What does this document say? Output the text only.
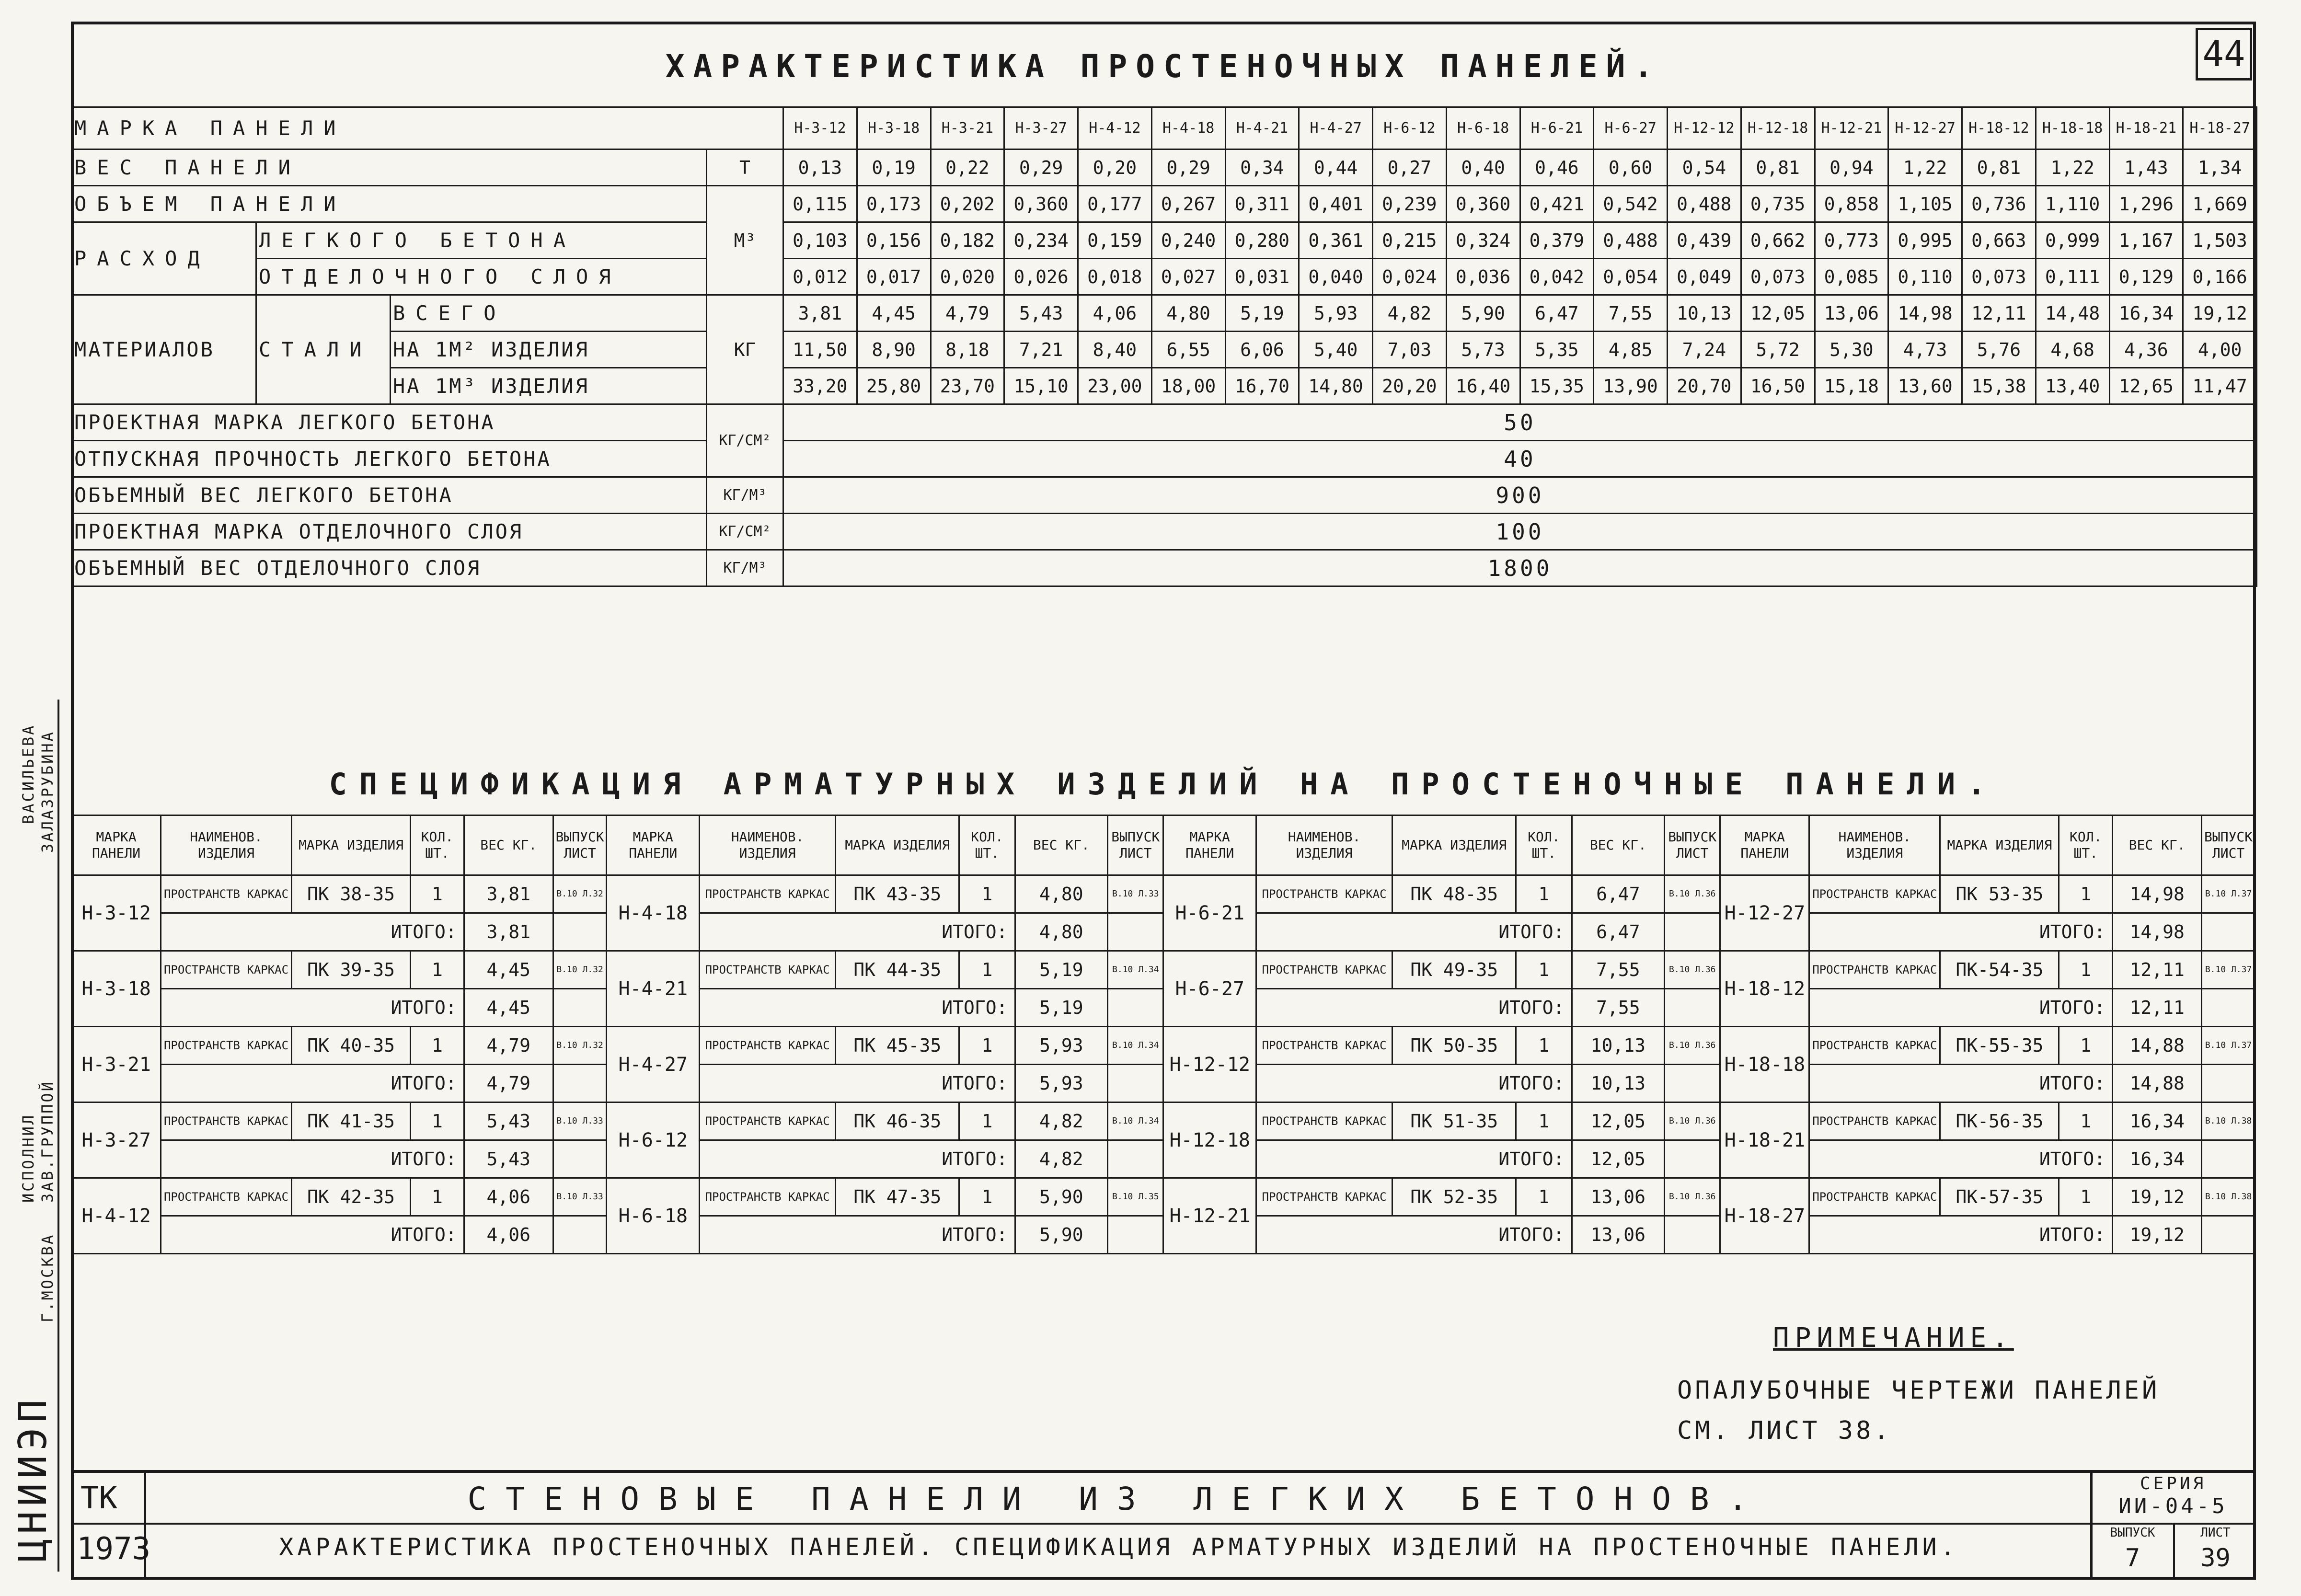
44
ХАРАКТЕРИСТИКА ПРОСТЕНОЧНЫХ ПАНЕЛЕЙ.
МАРКА ПАНЕЛИ				Н-3-12	Н-3-18	Н-3-21	Н-3-27	Н-4-12	Н-4-18	Н-4-21	Н-4-27	Н-6-12	Н-6-18	Н-6-21	Н-6-27	Н-12-12	Н-12-18	Н-12-21	Н-12-27	Н-18-12	Н-18-18	Н-18-21	Н-18-27
ВЕС ПАНЕЛИ			Т	0,13	0,19	0,22	0,29	0,20	0,29	0,34	0,44	0,27	0,40	0,46	0,60	0,54	0,81	0,94	1,22	0,81	1,22	1,43	1,34
ОБЪЕМ ПАНЕЛИ			М³	0,115	0,173	0,202	0,360	0,177	0,267	0,311	0,401	0,239	0,360	0,421	0,542	0,488	0,735	0,858	1,105	0,736	1,110	1,296	1,669
РАСХОД	ЛЕГКОГО БЕТОНА			0,103	0,156	0,182	0,234	0,159	0,240	0,280	0,361	0,215	0,324	0,379	0,488	0,439	0,662	0,773	0,995	0,663	0,999	1,167	1,503
	ОТДЕЛОЧНОГО СЛОЯ			0,012	0,017	0,020	0,026	0,018	0,027	0,031	0,040	0,024	0,036	0,042	0,054	0,049	0,073	0,085	0,110	0,073	0,111	0,129	0,166
МАТЕРИАЛОВ	СТАЛИ	ВСЕГО	КГ	3,81	4,45	4,79	5,43	4,06	4,80	5,19	5,93	4,82	5,90	6,47	7,55	10,13	12,05	13,06	14,98	12,11	14,48	16,34	19,12
		НА 1М² ИЗДЕЛИЯ		11,50	8,90	8,18	7,21	8,40	6,55	6,06	5,40	7,03	5,73	5,35	4,85	7,24	5,72	5,30	4,73	5,76	4,68	4,36	4,00
		НА 1М³ ИЗДЕЛИЯ		33,20	25,80	23,70	15,10	23,00	18,00	16,70	14,80	20,20	16,40	15,35	13,90	20,70	16,50	15,18	13,60	15,38	13,40	12,65	11,47
ПРОЕКТНАЯ МАРКА ЛЕГКОГО БЕТОНА			КГ/СМ²	50																			
ОТПУСКНАЯ ПРОЧНОСТЬ ЛЕГКОГО БЕТОНА				40																			
ОБЪЕМНЫЙ ВЕС ЛЕГКОГО БЕТОНА			КГ/М³	900																			
ПРОЕКТНАЯ МАРКА ОТДЕЛОЧНОГО СЛОЯ			КГ/СМ²	100																			
ОБЪЕМНЫЙ ВЕС ОТДЕЛОЧНОГО СЛОЯ			КГ/М³	1800																			

СПЕЦИФИКАЦИЯ АРМАТУРНЫХ ИЗДЕЛИЙ НА ПРОСТЕНОЧНЫЕ ПАНЕЛИ.
МАРКА ПАНЕЛИ	НАИМЕНОВ. ИЗДЕЛИЯ	МАРКА ИЗДЕЛИЯ	КОЛ. ШТ.	ВЕС КГ.	ВЫПУСК ЛИСТ	МАРКА ПАНЕЛИ	НАИМЕНОВ. ИЗДЕЛИЯ	МАРКА ИЗДЕЛИЯ	КОЛ. ШТ.	ВЕС КГ.	ВЫПУСК ЛИСТ	МАРКА ПАНЕЛИ	НАИМЕНОВ. ИЗДЕЛИЯ	МАРКА ИЗДЕЛИЯ	КОЛ. ШТ.	ВЕС КГ.	ВЫПУСК ЛИСТ	МАРКА ПАНЕЛИ	НАИМЕНОВ. ИЗДЕЛИЯ	МАРКА ИЗДЕЛИЯ	КОЛ. ШТ.	ВЕС КГ.	ВЫПУСК ЛИСТ
Н-3-12	ПРОСТРАНСТВ КАРКАС	ПК 38-35	1	3,81	В.10 Л.32	Н-4-18	ПРОСТРАНСТВ КАРКАС	ПК 43-35	1	4,80	В.10 Л.33	Н-6-21	ПРОСТРАНСТВ КАРКАС	ПК 48-35	1	6,47	В.10 Л.36	Н-12-27	ПРОСТРАНСТВ КАРКАС	ПК 53-35	1	14,98	В.10 Л.37
	ИТОГО:			3,81			ИТОГО:			4,80			ИТОГО:			6,47			ИТОГО:			14,98	
Н-3-18	ПРОСТРАНСТВ КАРКАС	ПК 39-35	1	4,45	В.10 Л.32	Н-4-21	ПРОСТРАНСТВ КАРКАС	ПК 44-35	1	5,19	В.10 Л.34	Н-6-27	ПРОСТРАНСТВ КАРКАС	ПК 49-35	1	7,55	В.10 Л.36	Н-18-12	ПРОСТРАНСТВ КАРКАС	ПК-54-35	1	12,11	В.10 Л.37
	ИТОГО:			4,45			ИТОГО:			5,19			ИТОГО:			7,55			ИТОГО:			12,11	
Н-3-21	ПРОСТРАНСТВ КАРКАС	ПК 40-35	1	4,79	В.10 Л.32	Н-4-27	ПРОСТРАНСТВ КАРКАС	ПК 45-35	1	5,93	В.10 Л.34	Н-12-12	ПРОСТРАНСТВ КАРКАС	ПК 50-35	1	10,13	В.10 Л.36	Н-18-18	ПРОСТРАНСТВ КАРКАС	ПК-55-35	1	14,88	В.10 Л.37
	ИТОГО:			4,79			ИТОГО:			5,93			ИТОГО:			10,13			ИТОГО:			14,88	
Н-3-27	ПРОСТРАНСТВ КАРКАС	ПК 41-35	1	5,43	В.10 Л.33	Н-6-12	ПРОСТРАНСТВ КАРКАС	ПК 46-35	1	4,82	В.10 Л.34	Н-12-18	ПРОСТРАНСТВ КАРКАС	ПК 51-35	1	12,05	В.10 Л.36	Н-18-21	ПРОСТРАНСТВ КАРКАС	ПК-56-35	1	16,34	В.10 Л.38
	ИТОГО:			5,43			ИТОГО:			4,82			ИТОГО:			12,05			ИТОГО:			16,34	
Н-4-12	ПРОСТРАНСТВ КАРКАС	ПК 42-35	1	4,06	В.10 Л.33	Н-6-18	ПРОСТРАНСТВ КАРКАС	ПК 47-35	1	5,90	В.10 Л.35	Н-12-21	ПРОСТРАНСТВ КАРКАС	ПК 52-35	1	13,06	В.10 Л.36	Н-18-27	ПРОСТРАНСТВ КАРКАС	ПК-57-35	1	19,12	В.10 Л.38
	ИТОГО:			4,06			ИТОГО:			5,90			ИТОГО:			13,06			ИТОГО:			19,12	
ПРИМЕЧАНИЕ.
ОПАЛУБОЧНЫЕ ЧЕРТЕЖИ ПАНЕЛЕЙ
СМ. ЛИСТ 38.
ТК
1973
СТЕНОВЫЕ ПАНЕЛИ ИЗ ЛЕГКИХ БЕТОНОВ.
ХАРАКТЕРИСТИКА ПРОСТЕНОЧНЫХ ПАНЕЛЕЙ. СПЕЦИФИКАЦИЯ АРМАТУРНЫХ ИЗДЕЛИЙ НА ПРОСТЕНОЧНЫЕ ПАНЕЛИ.
СЕРИЯ
ИИ-04-5
ВЫПУСК
7
ЛИСТ
39
ЦНИИЭП
Г.МОСКВА
ИСПОЛНИЛ ЗАВ.ГРУППОЙ
ВАСИЛЬЕВА ЗАЛАЗРУБИНА
